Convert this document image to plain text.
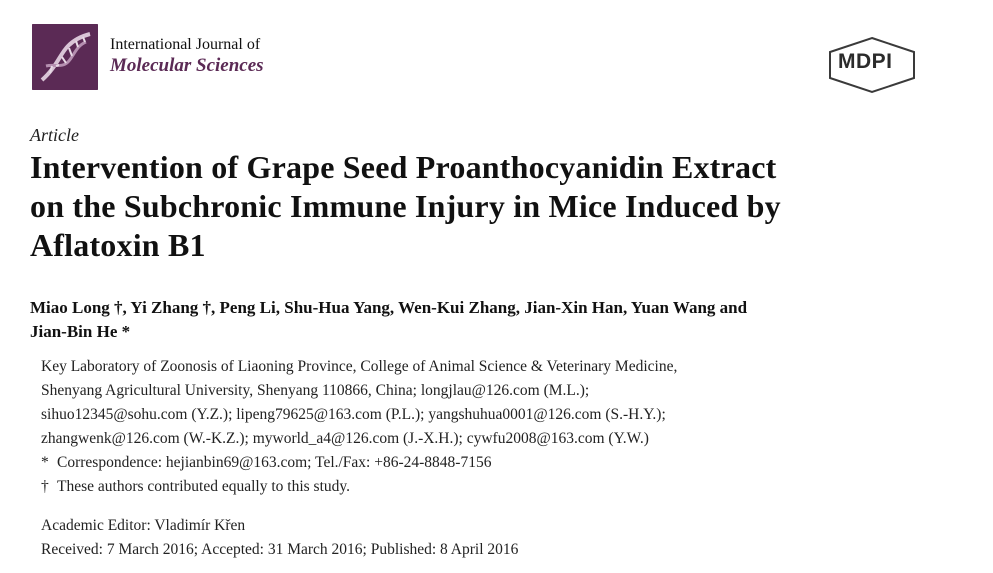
International Journal of
Molecular Sciences	MDPI
Article
Intervention of Grape Seed Proanthocyanidin Extract
on the Subchronic Immune Injury in Mice Induced by
Aflatoxin B1
Miao Long †, Yi Zhang †, Peng Li, Shu-Hua Yang, Wen-Kui Zhang, Jian-Xin Han, Yuan Wang and
Jian-Bin He *
Key Laboratory of Zoonosis of Liaoning Province, College of Animal Science & Veterinary Medicine,
Shenyang Agricultural University, Shenyang 110866, China; longjlau@126.com (M.L.);
sihuo12345@sohu.com (Y.Z.); lipeng79625@163.com (P.L.); yangshuhua0001@126.com (S.-H.Y.);
zhangwenk@126.com (W.-K.Z.); myworld_a4@126.com (J.-X.H.); cywfu2008@163.com (Y.W.)
* Correspondence: hejianbin69@163.com; Tel./Fax: +86-24-8848-7156
† These authors contributed equally to this study.
Academic Editor: Vladimír Křen
Received: 7 March 2016; Accepted: 31 March 2016; Published: 8 April 2016
